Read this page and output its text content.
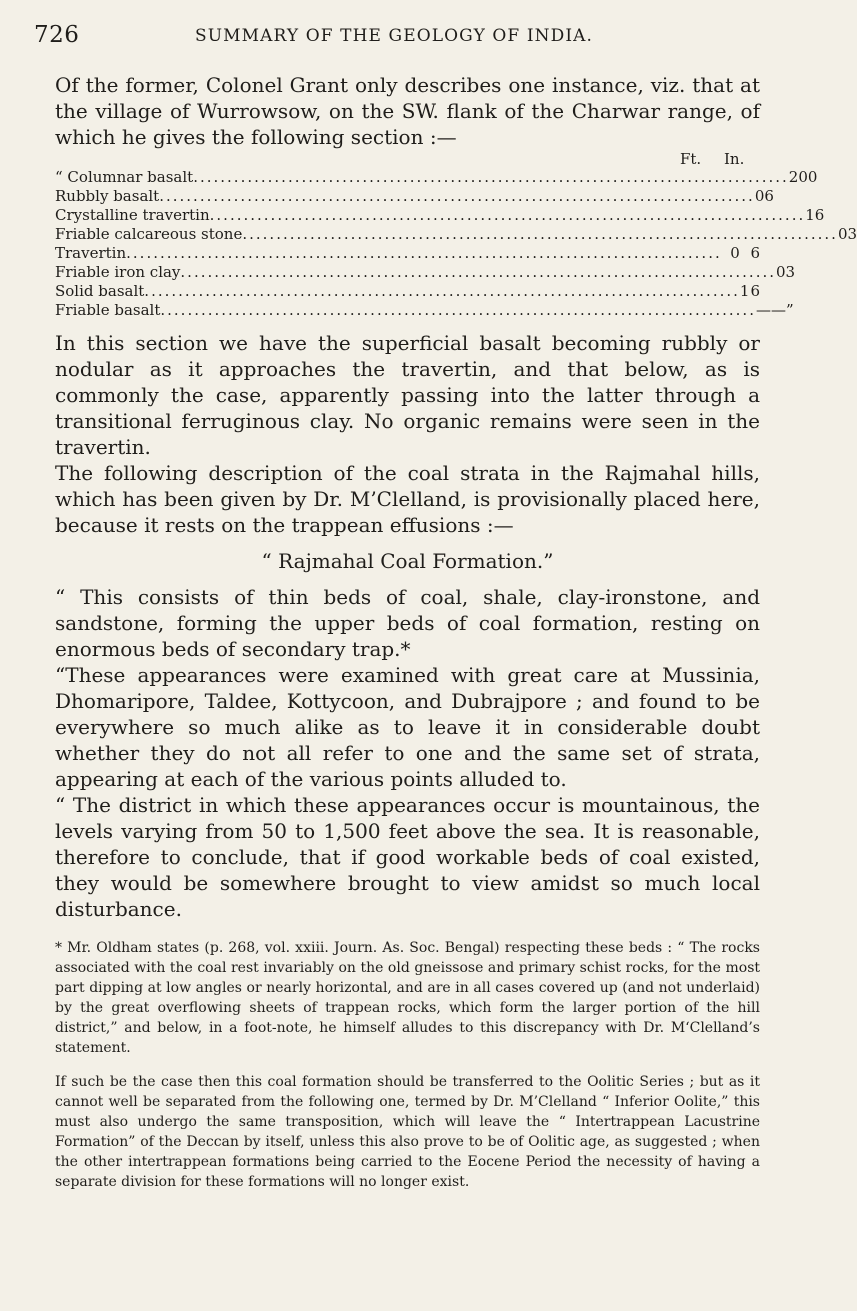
726	SUMMARY OF THE GEOLOGY OF INDIA.

Of the former, Colonel Grant only describes one instance, viz. that at the village of Wurrowsow, on the SW. flank of the Charwar range, of which he gives the following section :—

Ft. In.
“ Columnar basalt ........................................................................................ 20 0
Rubbly basalt ........................................................................................ 0 6
Crystalline travertin ........................................................................................ 1 6
Friable calcareous stone ........................................................................................ 0 3
Travertin ........................................................................................ 0 6
Friable iron clay ........................................................................................ 0 3
Solid basalt ........................................................................................ 1 6
Friable basalt ........................................................................................ ——”

In this section we have the superficial basalt becoming rubbly or nodular as it approaches the travertin, and that below, as is commonly the case, apparently passing into the latter through a transitional ferruginous clay. No organic remains were seen in the travertin.

The following description of the coal strata in the Rajmahal hills, which has been given by Dr. M’Clelland, is provisionally placed here, because it rests on the trappean effusions :—

“ Rajmahal Coal Formation.”

“ This consists of thin beds of coal, shale, clay-ironstone, and sandstone, forming the upper beds of coal formation, resting on enormous beds of secondary trap.*

“These appearances were examined with great care at Mussinia, Dhomaripore, Taldee, Kottycoon, and Dubrajpore ; and found to be everywhere so much alike as to leave it in considerable doubt whether they do not all refer to one and the same set of strata, appearing at each of the various points alluded to.

“ The district in which these appearances occur is mountainous, the levels varying from 50 to 1,500 feet above the sea. It is reasonable, therefore to conclude, that if good workable beds of coal existed, they would be somewhere brought to view amidst so much local disturbance.

* Mr. Oldham states (p. 268, vol. xxiii. Journ. As. Soc. Bengal) respecting these beds : “ The rocks associated with the coal rest invariably on the old gneissose and primary schist rocks, for the most part dipping at low angles or nearly horizontal, and are in all cases covered up (and not underlaid) by the great overflowing sheets of trappean rocks, which form the larger portion of the hill district,” and below, in a foot-note, he himself alludes to this discrepancy with Dr. M‘Clelland’s statement.

If such be the case then this coal formation should be transferred to the Oolitic Series ; but as it cannot well be separated from the following one, termed by Dr. M’Clelland “ Inferior Oolite,” this must also undergo the same transposition, which will leave the “ Intertrappean Lacustrine Formation” of the Deccan by itself, unless this also prove to be of Oolitic age, as suggested ; when the other intertrappean formations being carried to the Eocene Period the necessity of having a separate division for these formations will no longer exist.
